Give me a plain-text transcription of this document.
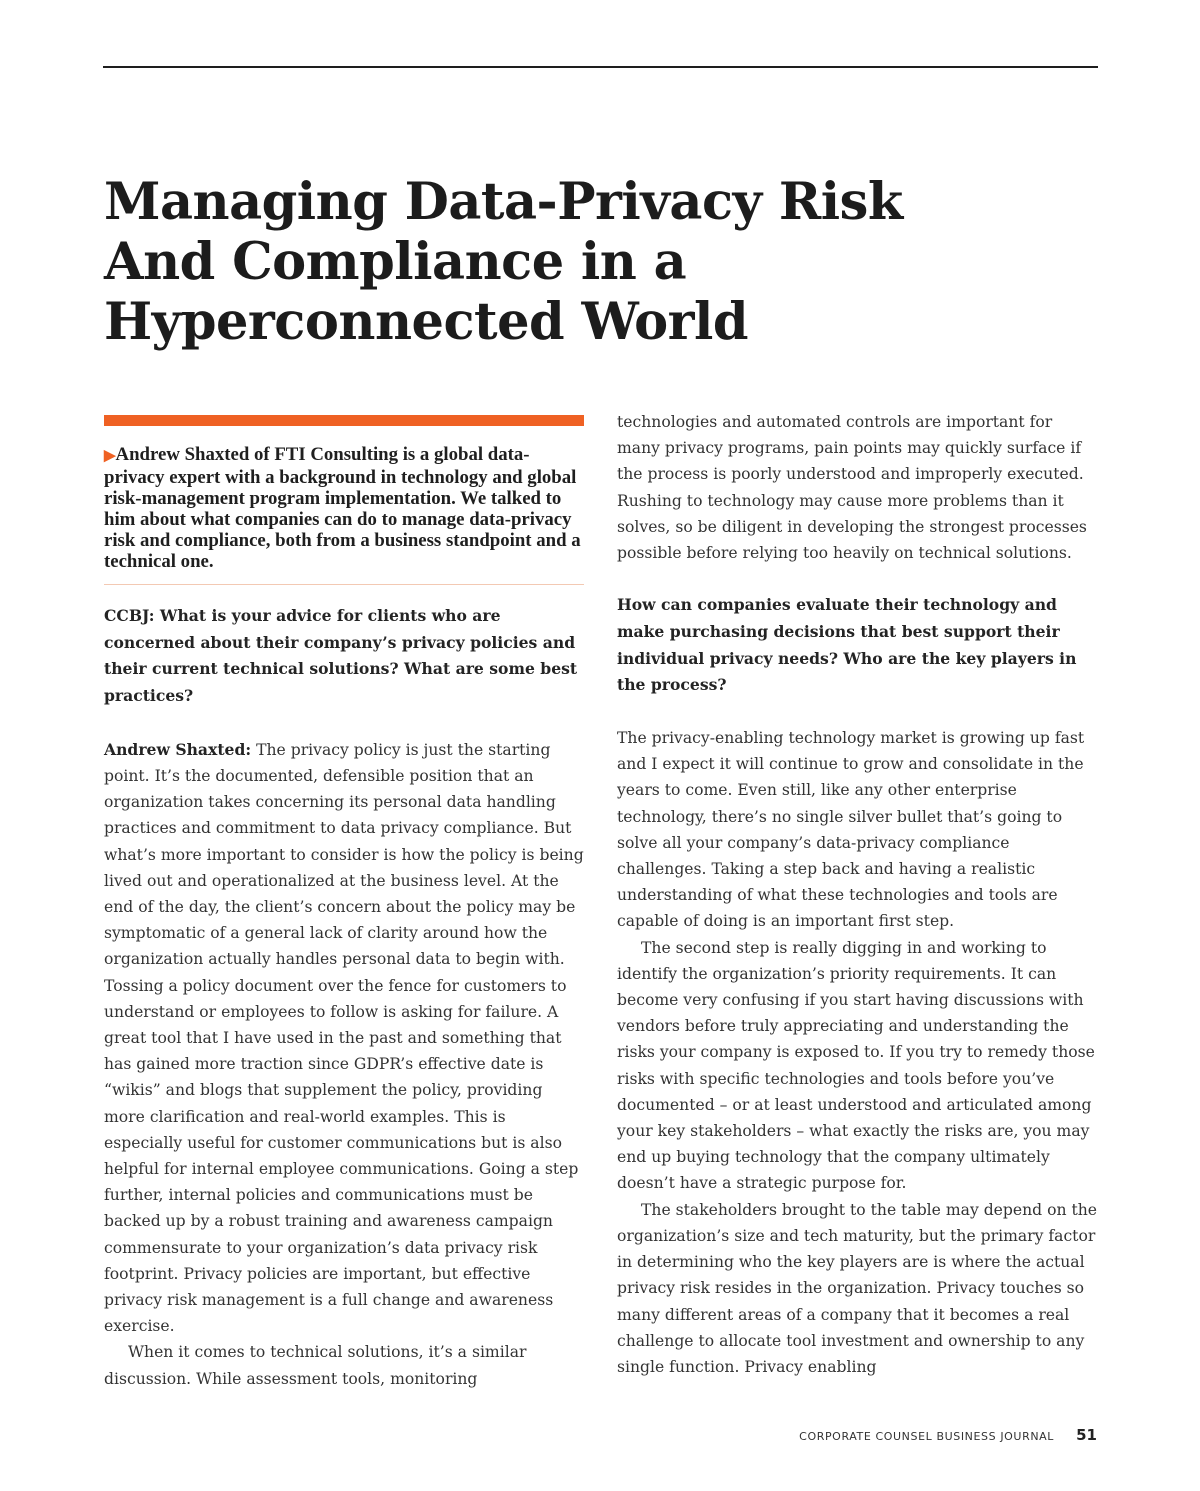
Managing Data-Privacy Risk And Compliance in a Hyperconnected World
▶Andrew Shaxted of FTI Consulting is a global data-privacy expert with a background in technology and global risk-management program implementation. We talked to him about what companies can do to manage data-privacy risk and compliance, both from a business standpoint and a technical one.

CCBJ: What is your advice for clients who are concerned about their company’s privacy policies and their current technical solutions? What are some best practices?

Andrew Shaxted: The privacy policy is just the starting point. It’s the documented, defensible position that an organization takes concerning its personal data handling practices and commitment to data privacy compliance. But what’s more important to consider is how the policy is being lived out and operationalized at the business level. At the end of the day, the client’s concern about the policy may be symptomatic of a general lack of clarity around how the organization actually handles personal data to begin with. Tossing a policy document over the fence for customers to understand or employees to follow is asking for failure. A great tool that I have used in the past and something that has gained more traction since GDPR’s effective date is “wikis” and blogs that supplement the policy, providing more clarification and real-world examples. This is especially useful for customer communications but is also helpful for internal employee communications. Going a step further, internal policies and communications must be backed up by a robust training and awareness campaign commensurate to your organization’s data privacy risk footprint. Privacy policies are important, but effective privacy risk management is a full change and awareness exercise.

When it comes to technical solutions, it’s a similar discussion. While assessment tools, monitoring

technologies and automated controls are important for many privacy programs, pain points may quickly surface if the process is poorly understood and improperly executed. Rushing to technology may cause more problems than it solves, so be diligent in developing the strongest processes possible before relying too heavily on technical solutions.

How can companies evaluate their technology and make purchasing decisions that best support their individual privacy needs? Who are the key players in the process?

The privacy-enabling technology market is growing up fast and I expect it will continue to grow and consolidate in the years to come. Even still, like any other enterprise technology, there’s no single silver bullet that’s going to solve all your company’s data-privacy compliance challenges. Taking a step back and having a realistic understanding of what these technologies and tools are capable of doing is an important first step.

The second step is really digging in and working to identify the organization’s priority requirements. It can become very confusing if you start having discussions with vendors before truly appreciating and understanding the risks your company is exposed to. If you try to remedy those risks with specific technologies and tools before you’ve documented – or at least understood and articulated among your key stakeholders – what exactly the risks are, you may end up buying technology that the company ultimately doesn’t have a strategic purpose for.

The stakeholders brought to the table may depend on the organization’s size and tech maturity, but the primary factor in determining who the key players are is where the actual privacy risk resides in the organization. Privacy touches so many different areas of a company that it becomes a real challenge to allocate tool investment and ownership to any single function. Privacy enabling

CORPORATE COUNSEL BUSINESS JOURNAL 51
